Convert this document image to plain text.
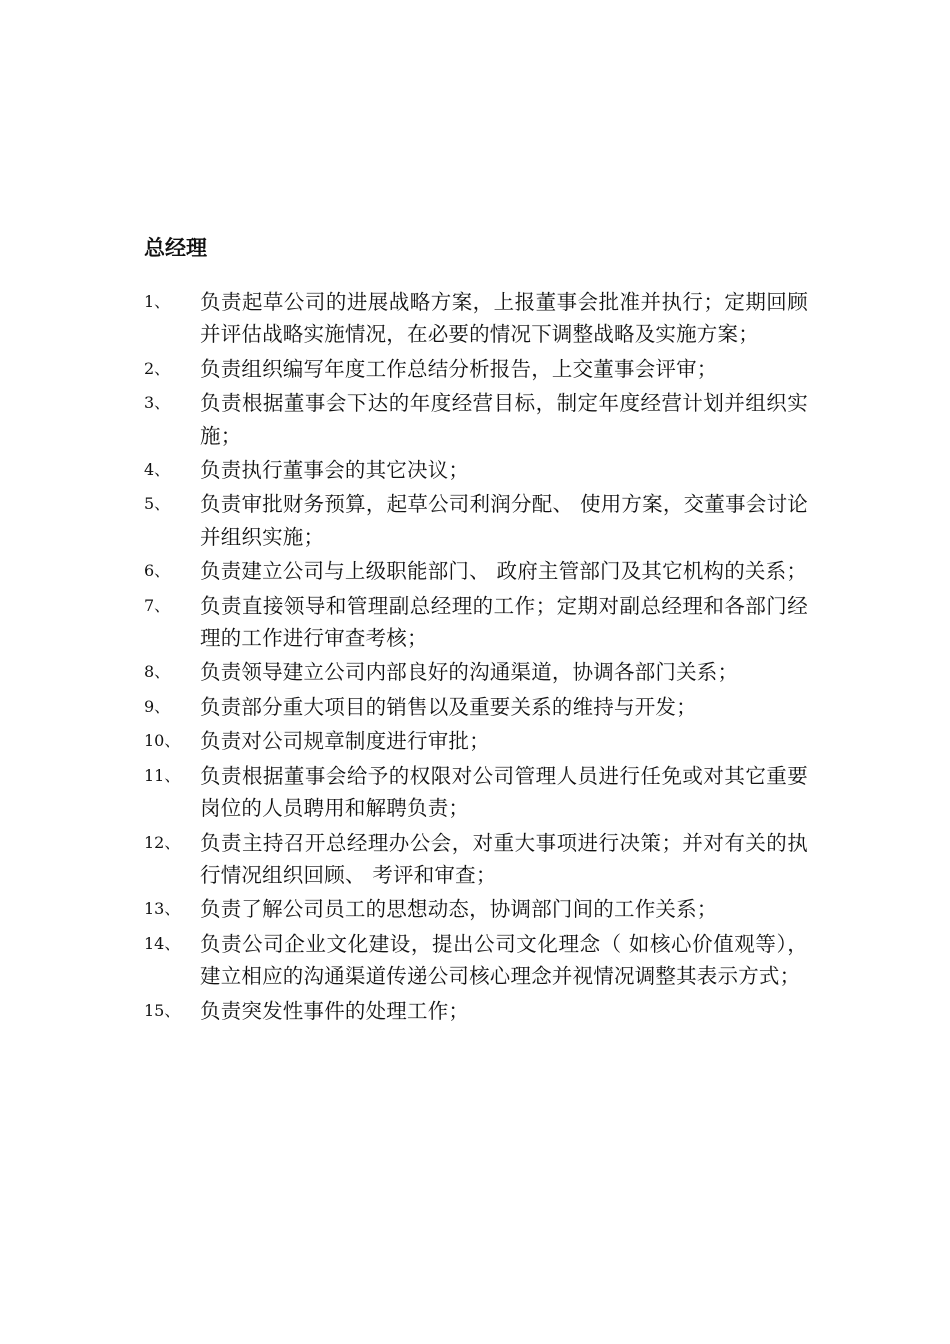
总经理
1、	负责起草公司的进展战略方案，上报董事会批准并执行；定期回顾并评估战略实施情况，在必要的情况下调整战略及实施方案；
2、	负责组织编写年度工作总结分析报告，上交董事会评审；
3、	负责根据董事会下达的年度经营目标，制定年度经营计划并组织实施；
4、	负责执行董事会的其它决议；
5、	负责审批财务预算，起草公司利润分配、 使用方案，交董事会讨论并组织实施；
6、	负责建立公司与上级职能部门、 政府主管部门及其它机构的关系；
7、	负责直接领导和管理副总经理的工作；定期对副总经理和各部门经理的工作进行审查考核；
8、	负责领导建立公司内部良好的沟通渠道，协调各部门关系；
9、	负责部分重大项目的销售以及重要关系的维持与开发；
10、 负责对公司规章制度进行审批；
11、 负责根据董事会给予的权限对公司管理人员进行任免或对其它重要岗位的人员聘用和解聘负责；
12、 负责主持召开总经理办公会，对重大事项进行决策；并对有关的执行情况组织回顾、 考评和审查；
13、 负责了解公司员工的思想动态，协调部门间的工作关系；
14、 负责公司企业文化建设，提出公司文化理念（ 如核心价值观等），建立相应的沟通渠道传递公司核心理念并视情况调整其表示方式；
15、 负责突发性事件的处理工作；
